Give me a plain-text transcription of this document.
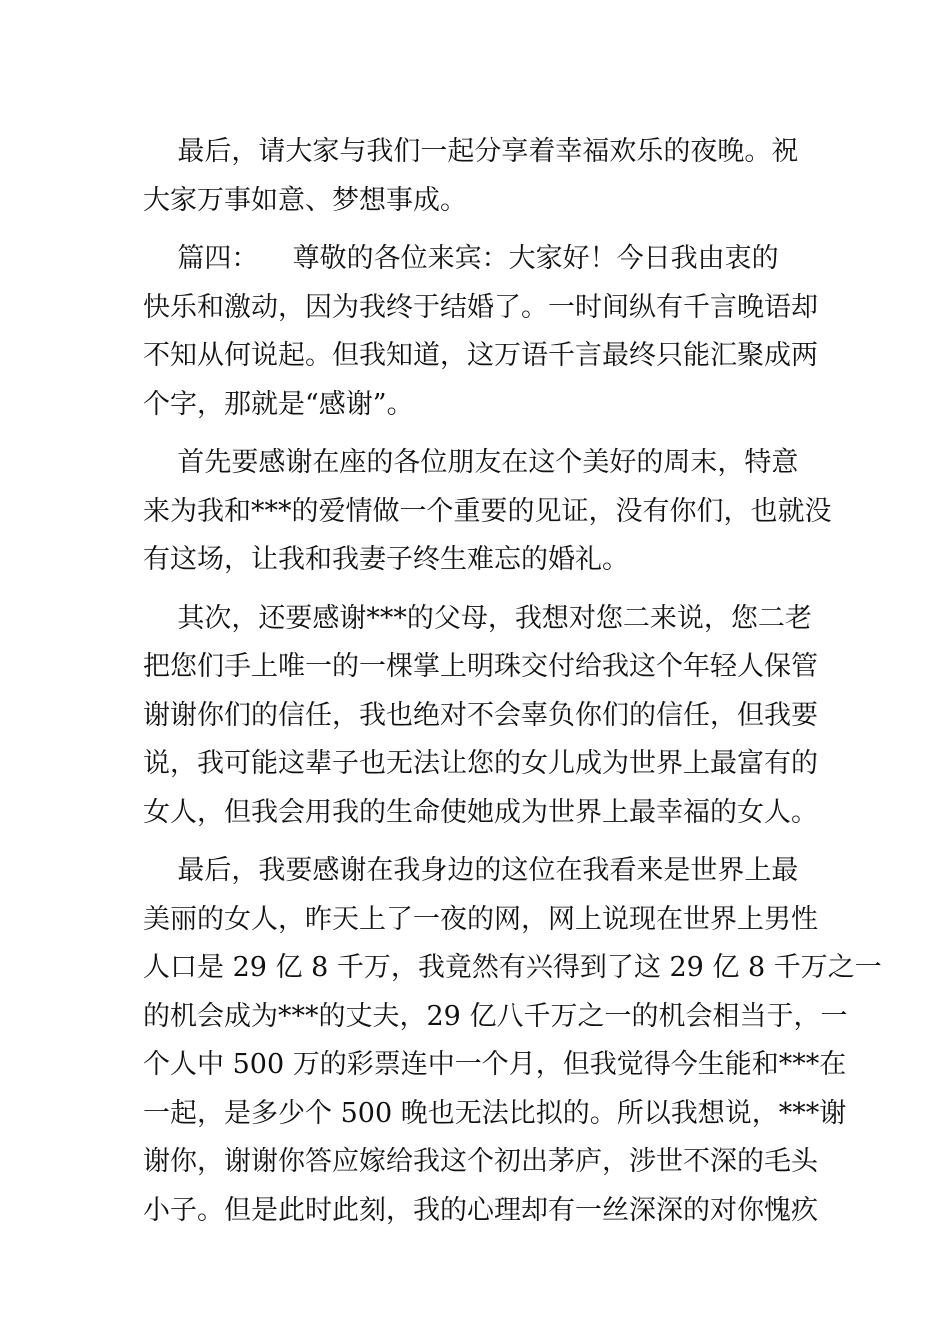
最后，请大家与我们一起分享着幸福欢乐的夜晚。祝
大家万事如意、梦想事成。
篇四：    尊敬的各位来宾：大家好！今日我由衷的
快乐和激动，因为我终于结婚了。一时间纵有千言晚语却
不知从何说起。但我知道，这万语千言最终只能汇聚成两
个字，那就是“感谢”。
首先要感谢在座的各位朋友在这个美好的周末，特意
来为我和***的爱情做一个重要的见证，没有你们，也就没
有这场，让我和我妻子终生难忘的婚礼。
其次，还要感谢***的父母，我想对您二来说，您二老
把您们手上唯一的一棵掌上明珠交付给我这个年轻人保管
谢谢你们的信任，我也绝对不会辜负你们的信任，但我要
说，我可能这辈子也无法让您的女儿成为世界上最富有的
女人，但我会用我的生命使她成为世界上最幸福的女人。
最后，我要感谢在我身边的这位在我看来是世界上最
美丽的女人，昨天上了一夜的网，网上说现在世界上男性
人口是 29 亿 8 千万，我竟然有兴得到了这 29 亿 8 千万之一
的机会成为***的丈夫，29 亿八千万之一的机会相当于，一
个人中 500 万的彩票连中一个月，但我觉得今生能和***在
一起，是多少个 500 晚也无法比拟的。所以我想说，***谢
谢你，谢谢你答应嫁给我这个初出茅庐，涉世不深的毛头
小子。但是此时此刻，我的心理却有一丝深深的对你愧疚
